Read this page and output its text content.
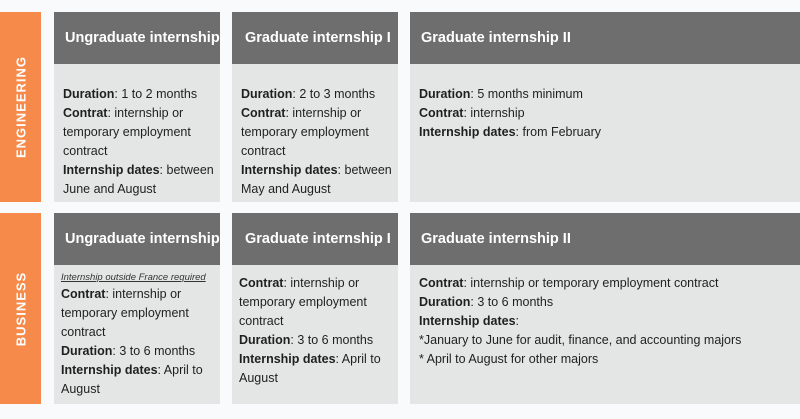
ENGINEERING
Ungraduate internship
Duration: 1 to 2 months
Contrat: internship or temporary employment contract
Internship dates: between June and August
Graduate internship I
Duration: 2 to 3 months
Contrat: internship or temporary employment contract
Internship dates: between May and August
Graduate internship II
Duration: 5 months minimum
Contrat: internship
Internship dates: from February
BUSINESS
Ungraduate internship
Internship outside France required
Contrat: internship or temporary employment contract
Duration: 3 to 6 months
Internship dates: April to August
Graduate internship I
Contrat: internship or temporary employment contract
Duration: 3 to 6 months
Internship dates: April to August
Graduate internship II
Contrat: internship or temporary employment contract
Duration: 3 to 6 months
Internship dates:

*January to June for audit, finance, and accounting majors
* April to August for other majors
